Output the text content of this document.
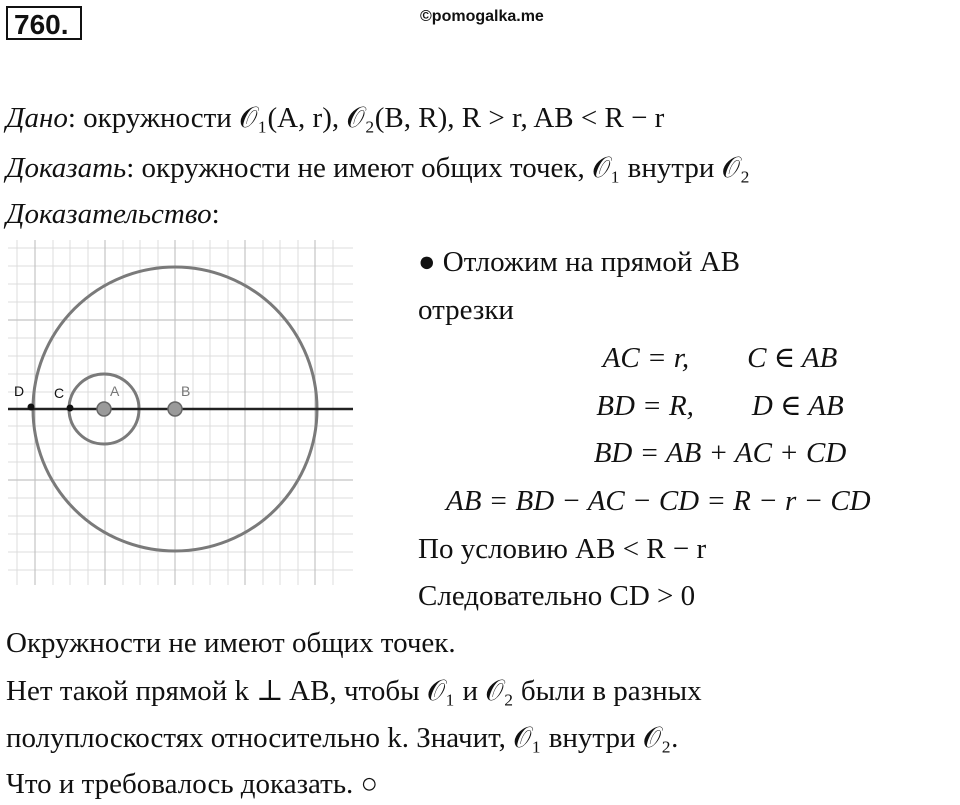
760.	©pomogalka.me
Дано: окружности 𝒪₁(A, r), 𝒪₂(B, R), R > r, AB < R − r
Доказать: окружности не имеют общих точек, 𝒪₁ внутри 𝒪₂
Доказательство:
D C	A	B
● Отложим на прямой AB
отрезки
AC = r,        C ∈ AB
BD = R,        D ∈ AB
BD = AB + AC + CD
AB = BD − AC − CD = R − r − CD
По условию AB < R − r
Следовательно CD > 0
Окружности не имеют общих точек.
Нет такой прямой k ⊥ AB, чтобы 𝒪₁ и 𝒪₂ были в разных
полуплоскостях относительно k. Значит, 𝒪₁ внутри 𝒪₂.
Что и требовалось доказать. ○
